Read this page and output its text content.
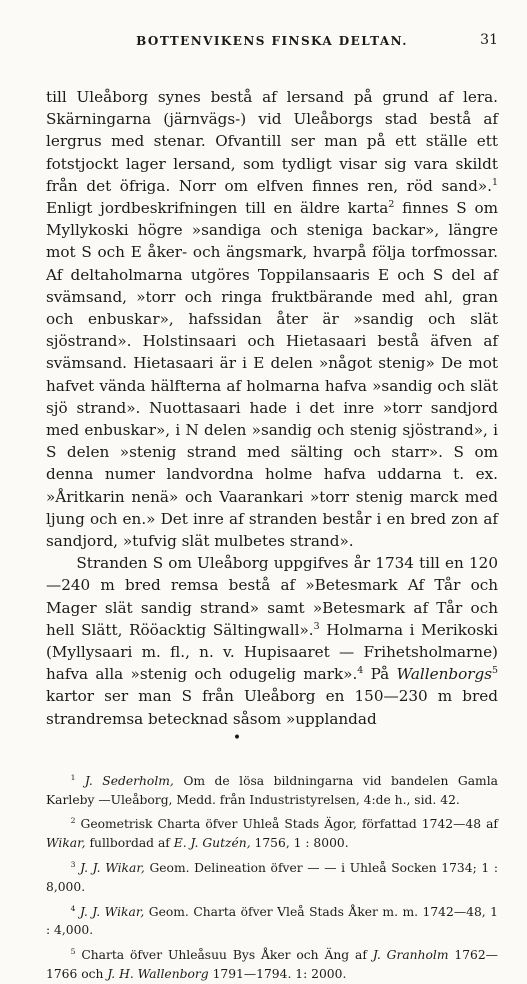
BOTTENVIKENS FINSKA DELTAN.	31

till Uleåborg synes bestå af lersand på grund af lera. Skärningarna (järnvägs-) vid Uleåborgs stad bestå af lergrus med stenar. Ofvantill ser man på ett ställe ett fotstjockt lager lersand, som tydligt visar sig vara skildt från det öfriga. Norr om elfven finnes ren, röd sand».$^1$ Enligt jordbeskrifningen till en äldre karta$^2$ finnes S om Myllykoski högre »sandiga och steniga backar», längre mot S och E åker- och ängsmark, hvarpå följa torfmossar. Af deltaholmarna utgöres Toppilansaaris E och S del af svämsand, »torr och ringa fruktbärande med ahl, gran och enbuskar», hafssidan åter är »sandig och slät sjöstrand». Holstinsaari och Hietasaari bestå äfven af svämsand. Hietasaari är i E delen »något stenig» De mot hafvet vända hälfterna af holmarna hafva »sandig och slät sjö strand». Nuottasaari hade i det inre »torr sandjord med enbuskar», i N delen »sandig och stenig sjöstrand», i S delen »stenig strand med sälting och starr». S om denna numer landvordna holme hafva uddarna t. ex. »Åritkarin nenä» och Vaarankari »torr stenig marck med ljung och en.» Det inre af stranden består i en bred zon af sandjord, »tufvig slät mulbetes strand».

Stranden S om Uleåborg uppgifves år 1734 till en 120—240 m bred remsa bestå af »Betesmark Af Tår och Mager slät sandig strand» samt »Betesmark af Tår och hell Slätt, Rööacktig Sältingwall».$^3$ Holmarna i Merikoski (Myllysaari m. fl., n. v. Hupisaaret — Frihetsholmarne) hafva alla »stenig och odugelig mark».$^4$ På Wallenborgs$^5$ kartor ser man S från Uleåborg en 150—230 m bred strandremsa betecknad såsom »upplandad

•

$^1$ J. Sederholm, Om de lösa bildningarna vid bandelen Gamla Karleby —Uleåborg, Medd. från Industristyrelsen, 4:de h., sid. 42.

$^2$ Geometrisk Charta öfver Uhleå Stads Ägor, författad 1742—48 af Wikar, fullbordad af E. J. Gutzén, 1756, 1 : 8000.

$^3$ J. J. Wikar, Geom. Delineation öfver — — i Uhleå Socken 1734; 1 : 8,000.

$^4$ J. J. Wikar, Geom. Charta öfver Vleå Stads Åker m. m. 1742—48, 1 : 4,000.

$^5$ Charta öfver Uhleåsuu Bys Åker och Äng af J. Granholm 1762—1766 och J. H. Wallenborg 1791—1794. 1: 2000.
